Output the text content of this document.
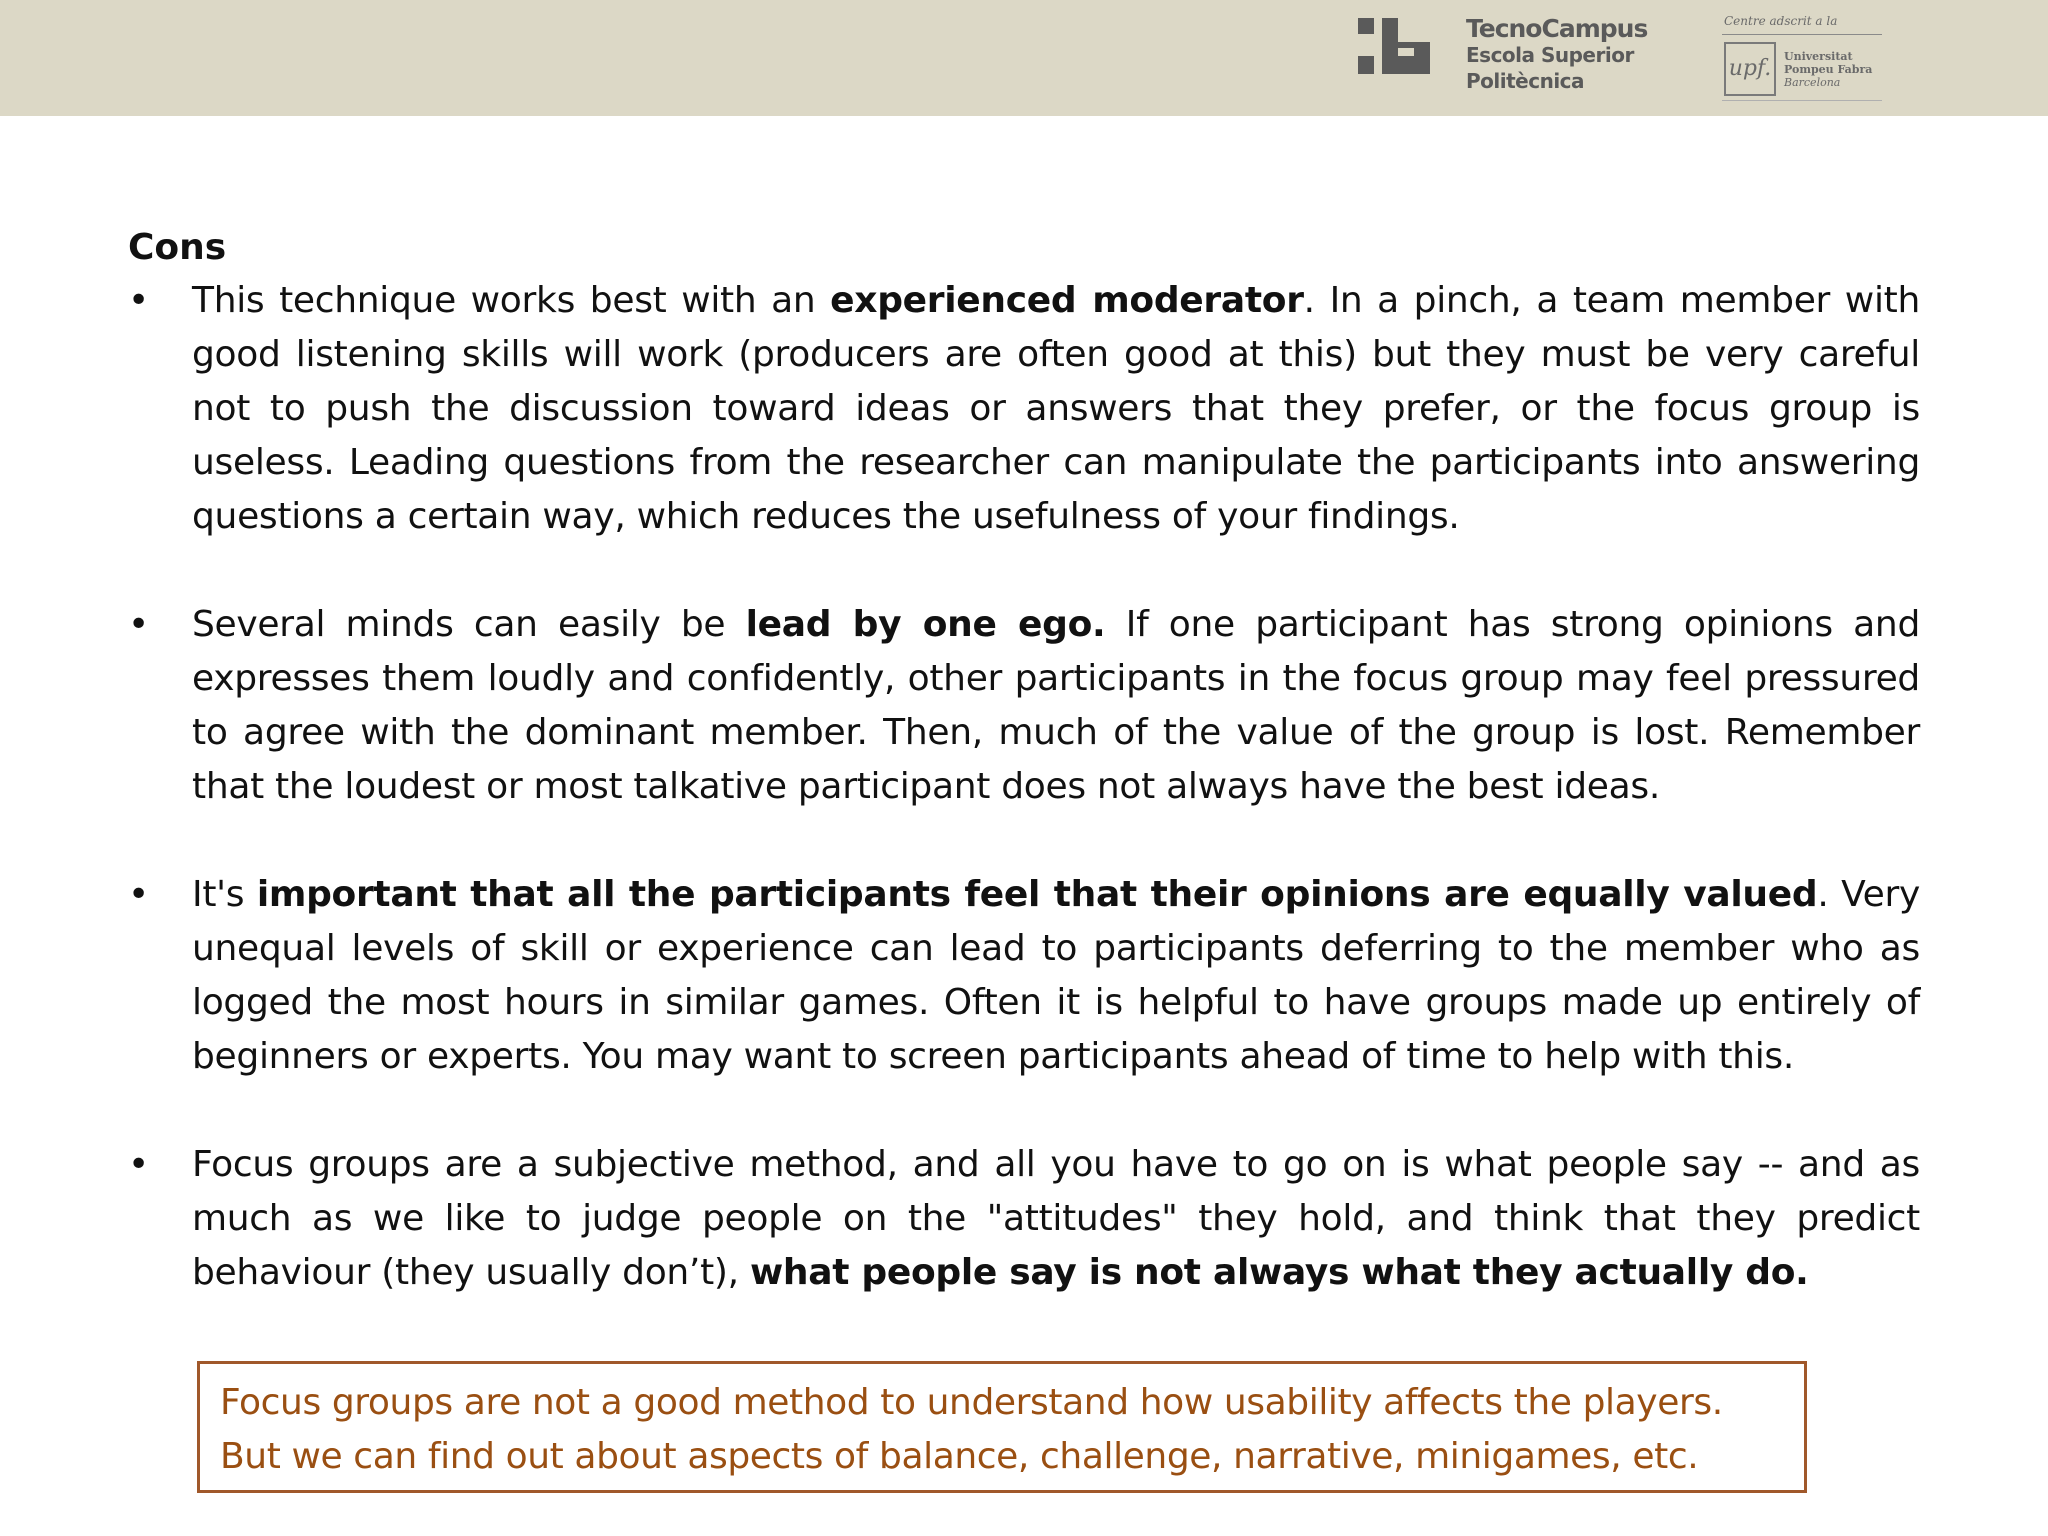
TecnoCampus
Escola Superior
Politècnica
Centre adscrit a la
upf.	Universitat
Pompeu Fabra
Barcelona
Cons
• This technique works best with an experienced moderator. In a pinch, a team member with good listening skills will work (producers are often good at this) but they must be very careful not to push the discussion toward ideas or answers that they prefer, or the focus group is useless. Leading questions from the researcher can manipulate the participants into answering questions a certain way, which reduces the usefulness of your findings.
• Several minds can easily be lead by one ego. If one participant has strong opinions and expresses them loudly and confidently, other participants in the focus group may feel pressured to agree with the dominant member. Then, much of the value of the group is lost. Remember that the loudest or most talkative participant does not always have the best ideas.
• It's important that all the participants feel that their opinions are equally valued. Very unequal levels of skill or experience can lead to participants deferring to the member who as logged the most hours in similar games. Often it is helpful to have groups made up entirely of beginners or experts. You may want to screen participants ahead of time to help with this.
• Focus groups are a subjective method, and all you have to go on is what people say -- and as much as we like to judge people on the "attitudes" they hold, and think that they predict behaviour (they usually don’t), what people say is not always what they actually do.
Focus groups are not a good method to understand how usability affects the players.
But we can find out about aspects of balance, challenge, narrative, minigames, etc.
